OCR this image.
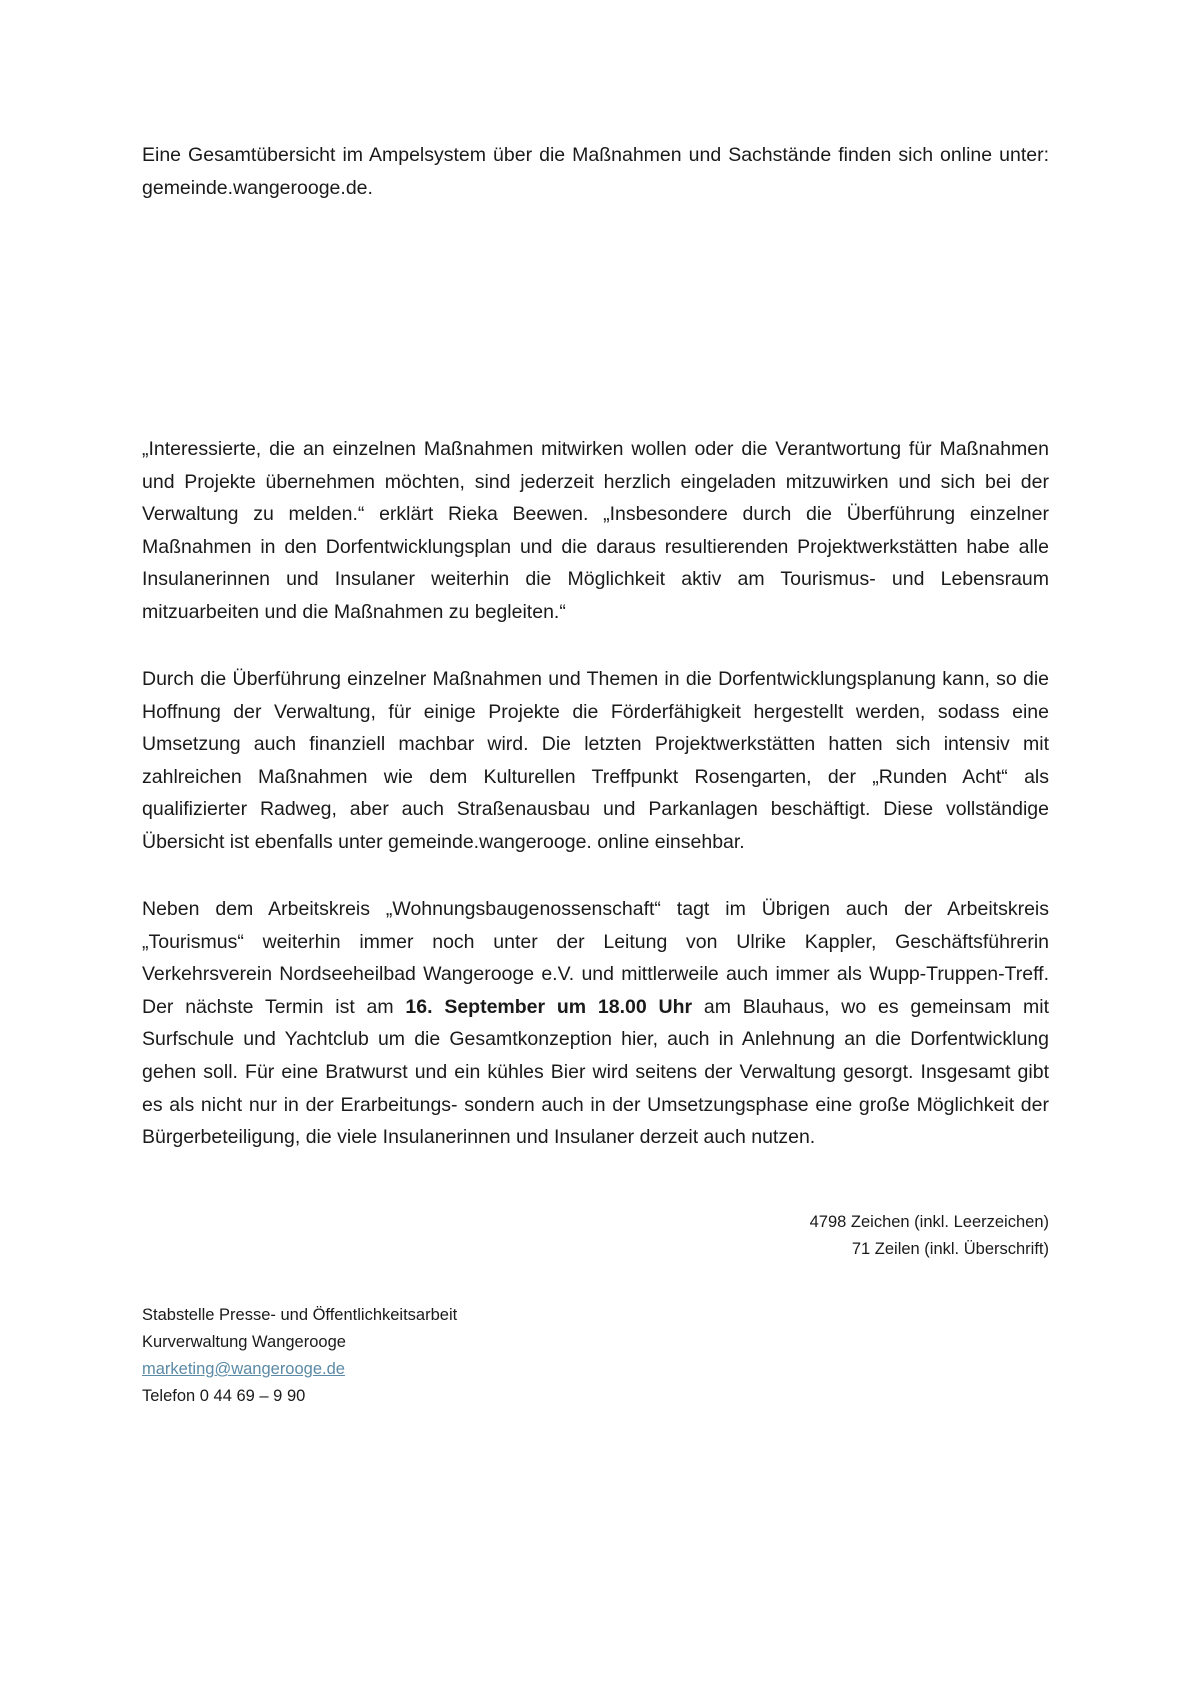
Eine Gesamtübersicht im Ampelsystem über die Maßnahmen und Sachstände finden sich online unter: gemeinde.wangerooge.de.

„Interessierte, die an einzelnen Maßnahmen mitwirken wollen oder die Verantwortung für Maßnahmen und Projekte übernehmen möchten, sind jederzeit herzlich eingeladen mitzuwirken und sich bei der Verwaltung zu melden.“ erklärt Rieka Beewen. „Insbesondere durch die Überführung einzelner Maßnahmen in den Dorfentwicklungsplan und die daraus resultierenden Projektwerkstätten habe alle Insulanerinnen und Insulaner weiterhin die Möglichkeit aktiv am Tourismus- und Lebensraum mitzuarbeiten und die Maßnahmen zu begleiten.“

Durch die Überführung einzelner Maßnahmen und Themen in die Dorfentwicklungsplanung kann, so die Hoffnung der Verwaltung, für einige Projekte die Förderfähigkeit hergestellt werden, sodass eine Umsetzung auch finanziell machbar wird. Die letzten Projektwerkstätten hatten sich intensiv mit zahlreichen Maßnahmen wie dem Kulturellen Treffpunkt Rosengarten, der „Runden Acht“ als qualifizierter Radweg, aber auch Straßenausbau und Parkanlagen beschäftigt. Diese vollständige Übersicht ist ebenfalls unter gemeinde.wangerooge. online einsehbar.

Neben dem Arbeitskreis „Wohnungsbaugenossenschaft“ tagt im Übrigen auch der Arbeitskreis „Tourismus“ weiterhin immer noch unter der Leitung von Ulrike Kappler, Geschäftsführerin Verkehrsverein Nordseeheilbad Wangerooge e.V. und mittlerweile auch immer als Wupp-Truppen-Treff. Der nächste Termin ist am 16. September um 18.00 Uhr am Blauhaus, wo es gemeinsam mit Surfschule und Yachtclub um die Gesamtkonzeption hier, auch in Anlehnung an die Dorfentwicklung gehen soll. Für eine Bratwurst und ein kühles Bier wird seitens der Verwaltung gesorgt. Insgesamt gibt es als nicht nur in der Erarbeitungs- sondern auch in der Umsetzungsphase eine große Möglichkeit der Bürgerbeteiligung, die viele Insulanerinnen und Insulaner derzeit auch nutzen.

4798 Zeichen (inkl. Leerzeichen)
71 Zeilen (inkl. Überschrift)
Stabstelle Presse- und Öffentlichkeitsarbeit
Kurverwaltung Wangerooge
marketing@wangerooge.de
Telefon 0 44 69 – 9 90
